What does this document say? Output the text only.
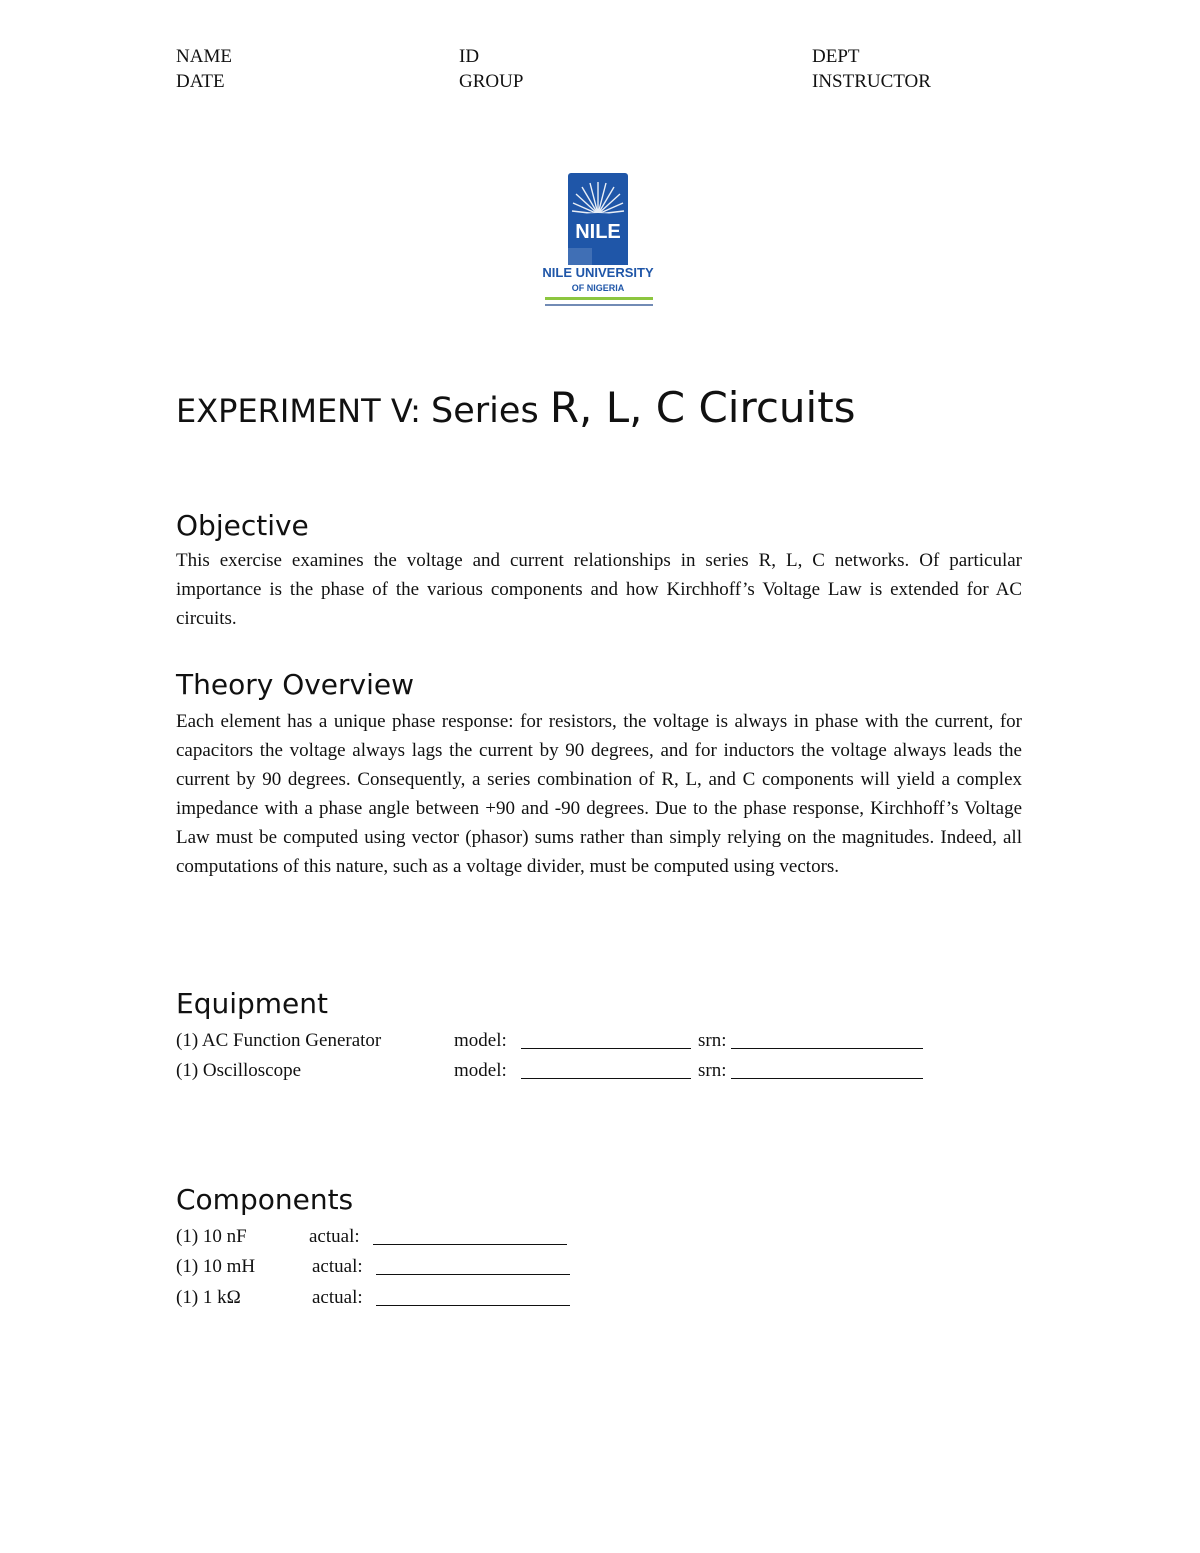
NAME	ID	DEPT
DATE	GROUP	INSTRUCTOR
NILE
NILE UNIVERSITY
OF NIGERIA
EXPERIMENT V: Series R, L, C Circuits
Objective

This exercise examines the voltage and current relationships in series R, L, C networks. Of particular importance is the phase of the various components and how Kirchhoff’s Voltage Law is extended for AC circuits.

Theory Overview

Each element has a unique phase response: for resistors, the voltage is always in phase with the current, for capacitors the voltage always lags the current by 90 degrees, and for inductors the voltage always leads the current by 90 degrees. Consequently, a series combination of R, L, and C components will yield a complex impedance with a phase angle between +90 and -90 degrees. Due to the phase response, Kirchhoff’s Voltage Law must be computed using vector (phasor) sums rather than simply relying on the magnitudes. Indeed, all computations of this nature, such as a voltage divider, must be computed using vectors.

Equipment
(1) AC Function Generator	model:	srn:
(1) Oscilloscope	model:	srn:
Components
(1) 10 nF	actual:
(1) 10 mH	actual:
(1) 1 kΩ	actual:
